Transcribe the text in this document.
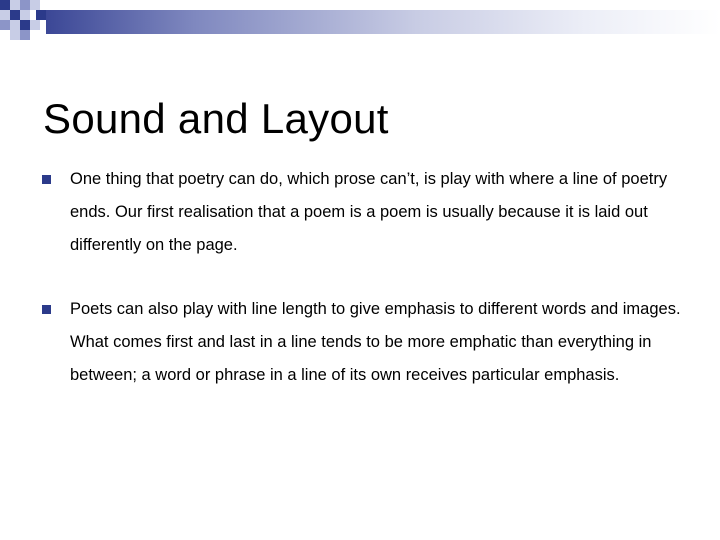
Sound and Layout
One thing that poetry can do, which prose can’t, is play with where a line of poetry ends. Our first realisation that a poem is a poem is usually because it is laid out differently on the page.
Poets can also play with line length to give emphasis to different words and images. What comes first and last in a line tends to be more emphatic than everything in between; a word or phrase in a line of its own receives particular emphasis.
